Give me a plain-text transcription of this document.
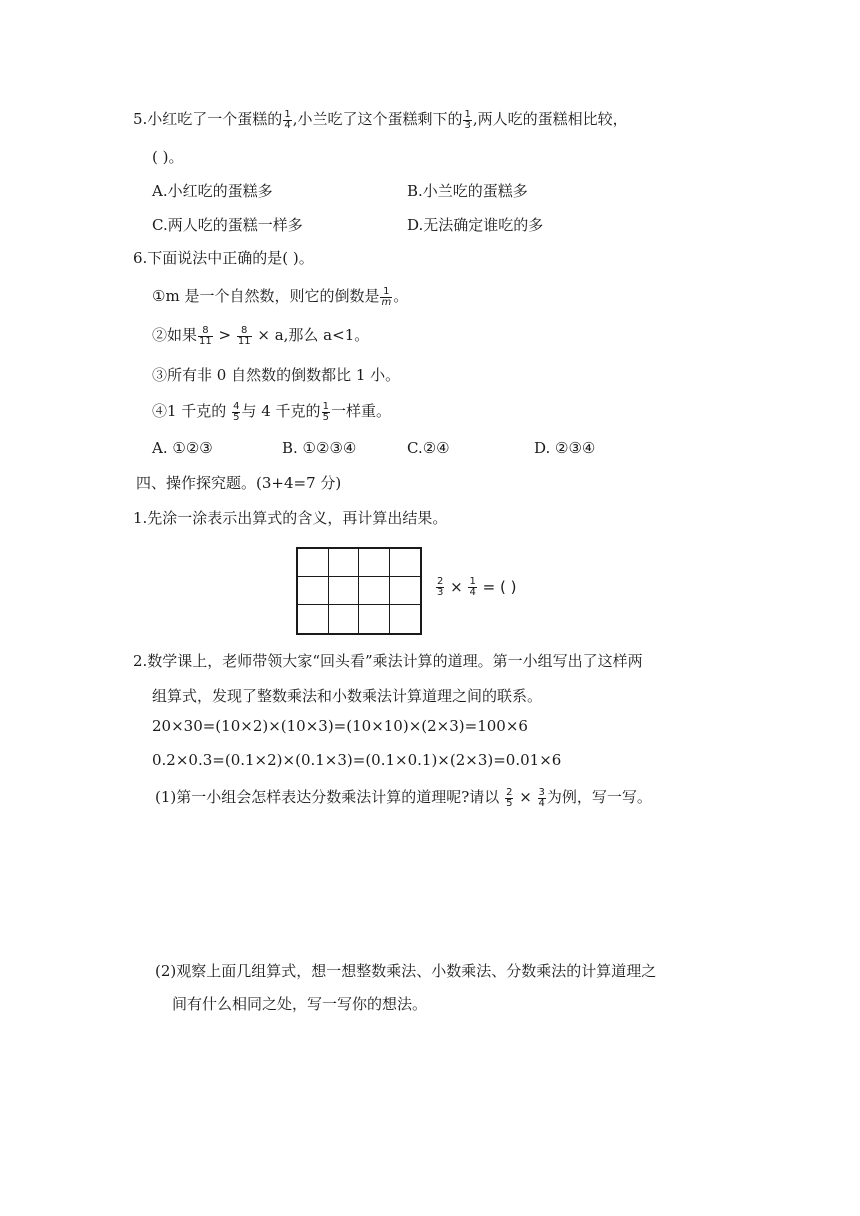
5.小红吃了一个蛋糕的 $\frac{1}{4}$ ,小兰吃了这个蛋糕剩下的 $\frac{1}{3}$ ,两人吃的蛋糕相比较，
( )。
A.小红吃的蛋糕多	B.小兰吃的蛋糕多
C.两人吃的蛋糕一样多	D.无法确定谁吃的多
6.下面说法中正确的是( )。
①m 是一个自然数，则它的倒数是 $\frac{1}{m}$ 。
②如果 $\frac{8}{11} > \frac{8}{11} \times a$,那么 a<1。
③所有非 0 自然数的倒数都比 1 小。
④1 千克的 $\frac{4}{5}$ 与 4 千克的 $\frac{1}{5}$ 一样重。
A. ①②③	B. ①②③④	C.②④	D. ②③④
四、操作探究题。(3+4=7 分)
1.先涂一涂表示出算式的含义，再计算出结果。
$\frac{2}{3} \times \frac{1}{4}$ = ( )
2.数学课上，老师带领大家“回头看”乘法计算的道理。第一小组写出了这样两
组算式，发现了整数乘法和小数乘法计算道理之间的联系。
20×30=(10×2)×(10×3)=(10×10)×(2×3)=100×6
0.2×0.3=(0.1×2)×(0.1×3)=(0.1×0.1)×(2×3)=0.01×6
(1)第一小组会怎样表达分数乘法计算的道理呢?请以 $\frac{2}{5} \times \frac{3}{4}$ 为例，写一写。
(2)观察上面几组算式，想一想整数乘法、小数乘法、分数乘法的计算道理之
间有什么相同之处，写一写你的想法。
